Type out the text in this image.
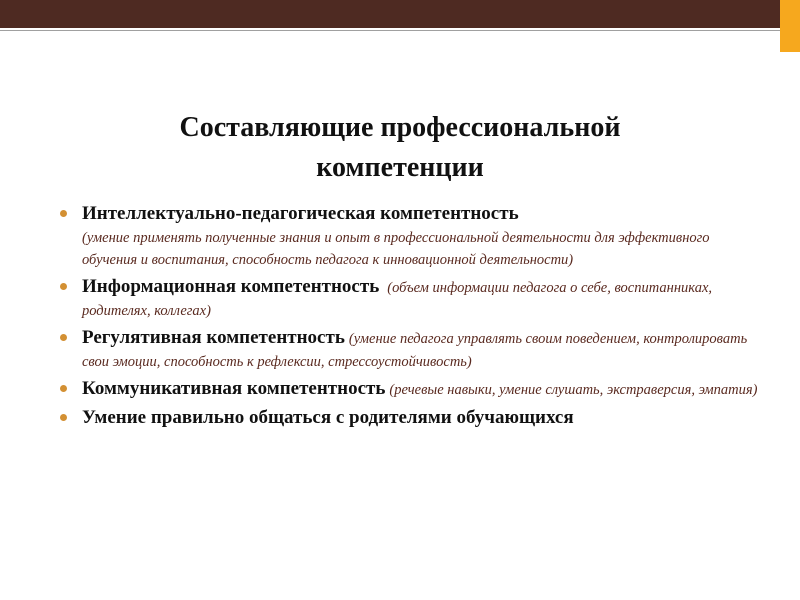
Составляющие профессиональной
компетенции
Интеллектуально-педагогическая компетентность
(умение применять полученные знания и опыт в профессиональной деятельности для эффективного обучения и воспитания, способность педагога к инновационной деятельности)
Информационная компетентность (объем информации педагога о себе, воспитанниках, родителях, коллегах)
Регулятивная компетентность (умение педагога управлять своим поведением, контролировать свои эмоции, способность к рефлексии, стрессоустойчивость)
Коммуникативная компетентность (речевые навыки, умение слушать, экстраверсия, эмпатия)
Умение правильно общаться с родителями обучающихся
